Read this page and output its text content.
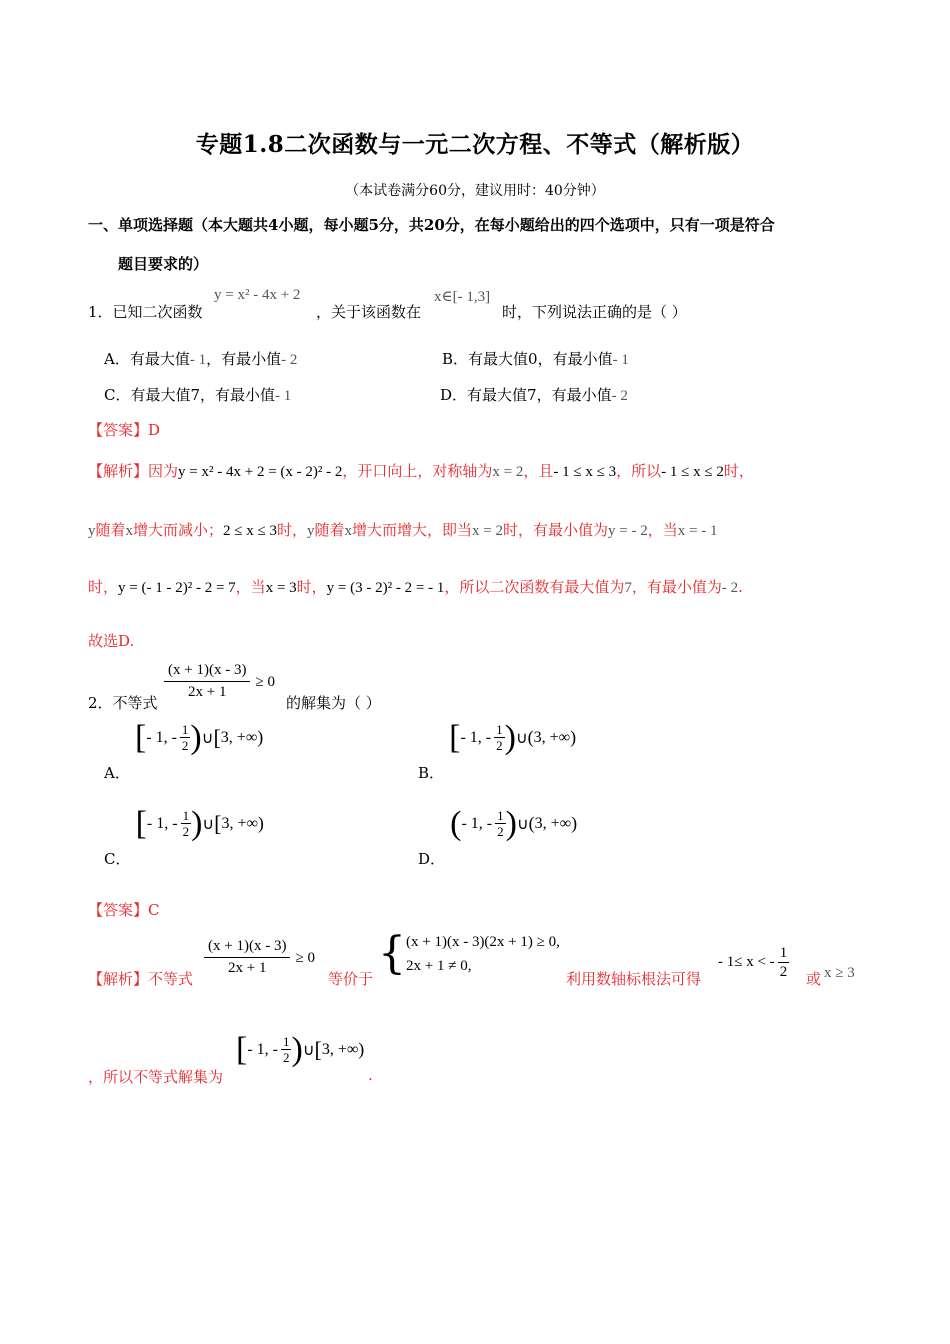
专题1.8二次函数与一元二次方程、不等式（解析版）
（本试卷满分60分，建议用时：40分钟）
一、单项选择题（本大题共4小题，每小题5分，共20分，在每小题给出的四个选项中，只有一项是符合
题目要求的）
1．已知二次函数
y = x² - 4x + 2
，关于该函数在
x∈[- 1,3]
时，下列说法正确的是（ ）
A．有最大值- 1，有最小值- 2	B．有最大值0，有最小值- 1
C．有最大值7，有最小值- 1	D．有最大值7，有最小值- 2
【答案】D
【解析】因为y = x² - 4x + 2 = (x - 2)² - 2，开口向上，对称轴为x = 2，且- 1 ≤ x ≤ 3，所以- 1 ≤ x ≤ 2时，
y随着x增大而减小；2 ≤ x ≤ 3时，y随着x增大而增大，即当x = 2时，有最小值为y = - 2，当x = - 1
时，y = (- 1 - 2)² - 2 = 7，当x = 3时，y = (3 - 2)² - 2 = - 1，所以二次函数有最大值为7，有最小值为- 2.
故选D.
2．不等式
$\frac{(x + 1)(x - 3)}{2x + 1} \ge 0$
的解集为（ ）
A．
[ - 1, - $\frac{1}{2}$ ) ∪ [ 3, +∞ )
B．
[ - 1, - $\frac{1}{2}$ ) ∪ ( 3, +∞ )
C．
[ - 1, - $\frac{1}{2}$ ) ∪ [ 3, +∞ )
D．
( - 1, - $\frac{1}{2}$ ) ∪ ( 3, +∞ )
【答案】C
【解析】不等式
$\frac{(x + 1)(x - 3)}{2x + 1} \ge 0$
等价于 { (x + 1)(x - 3)(2x + 1) ≥ 0,
2x + 1 ≠ 0,
利用数轴标根法可得
- 1≤ x < - $\frac{1}{2}$ 或 x ≥ 3
，所以不等式解集为
[ - 1, - $\frac{1}{2}$ ) ∪ [ 3, +∞ )
.
